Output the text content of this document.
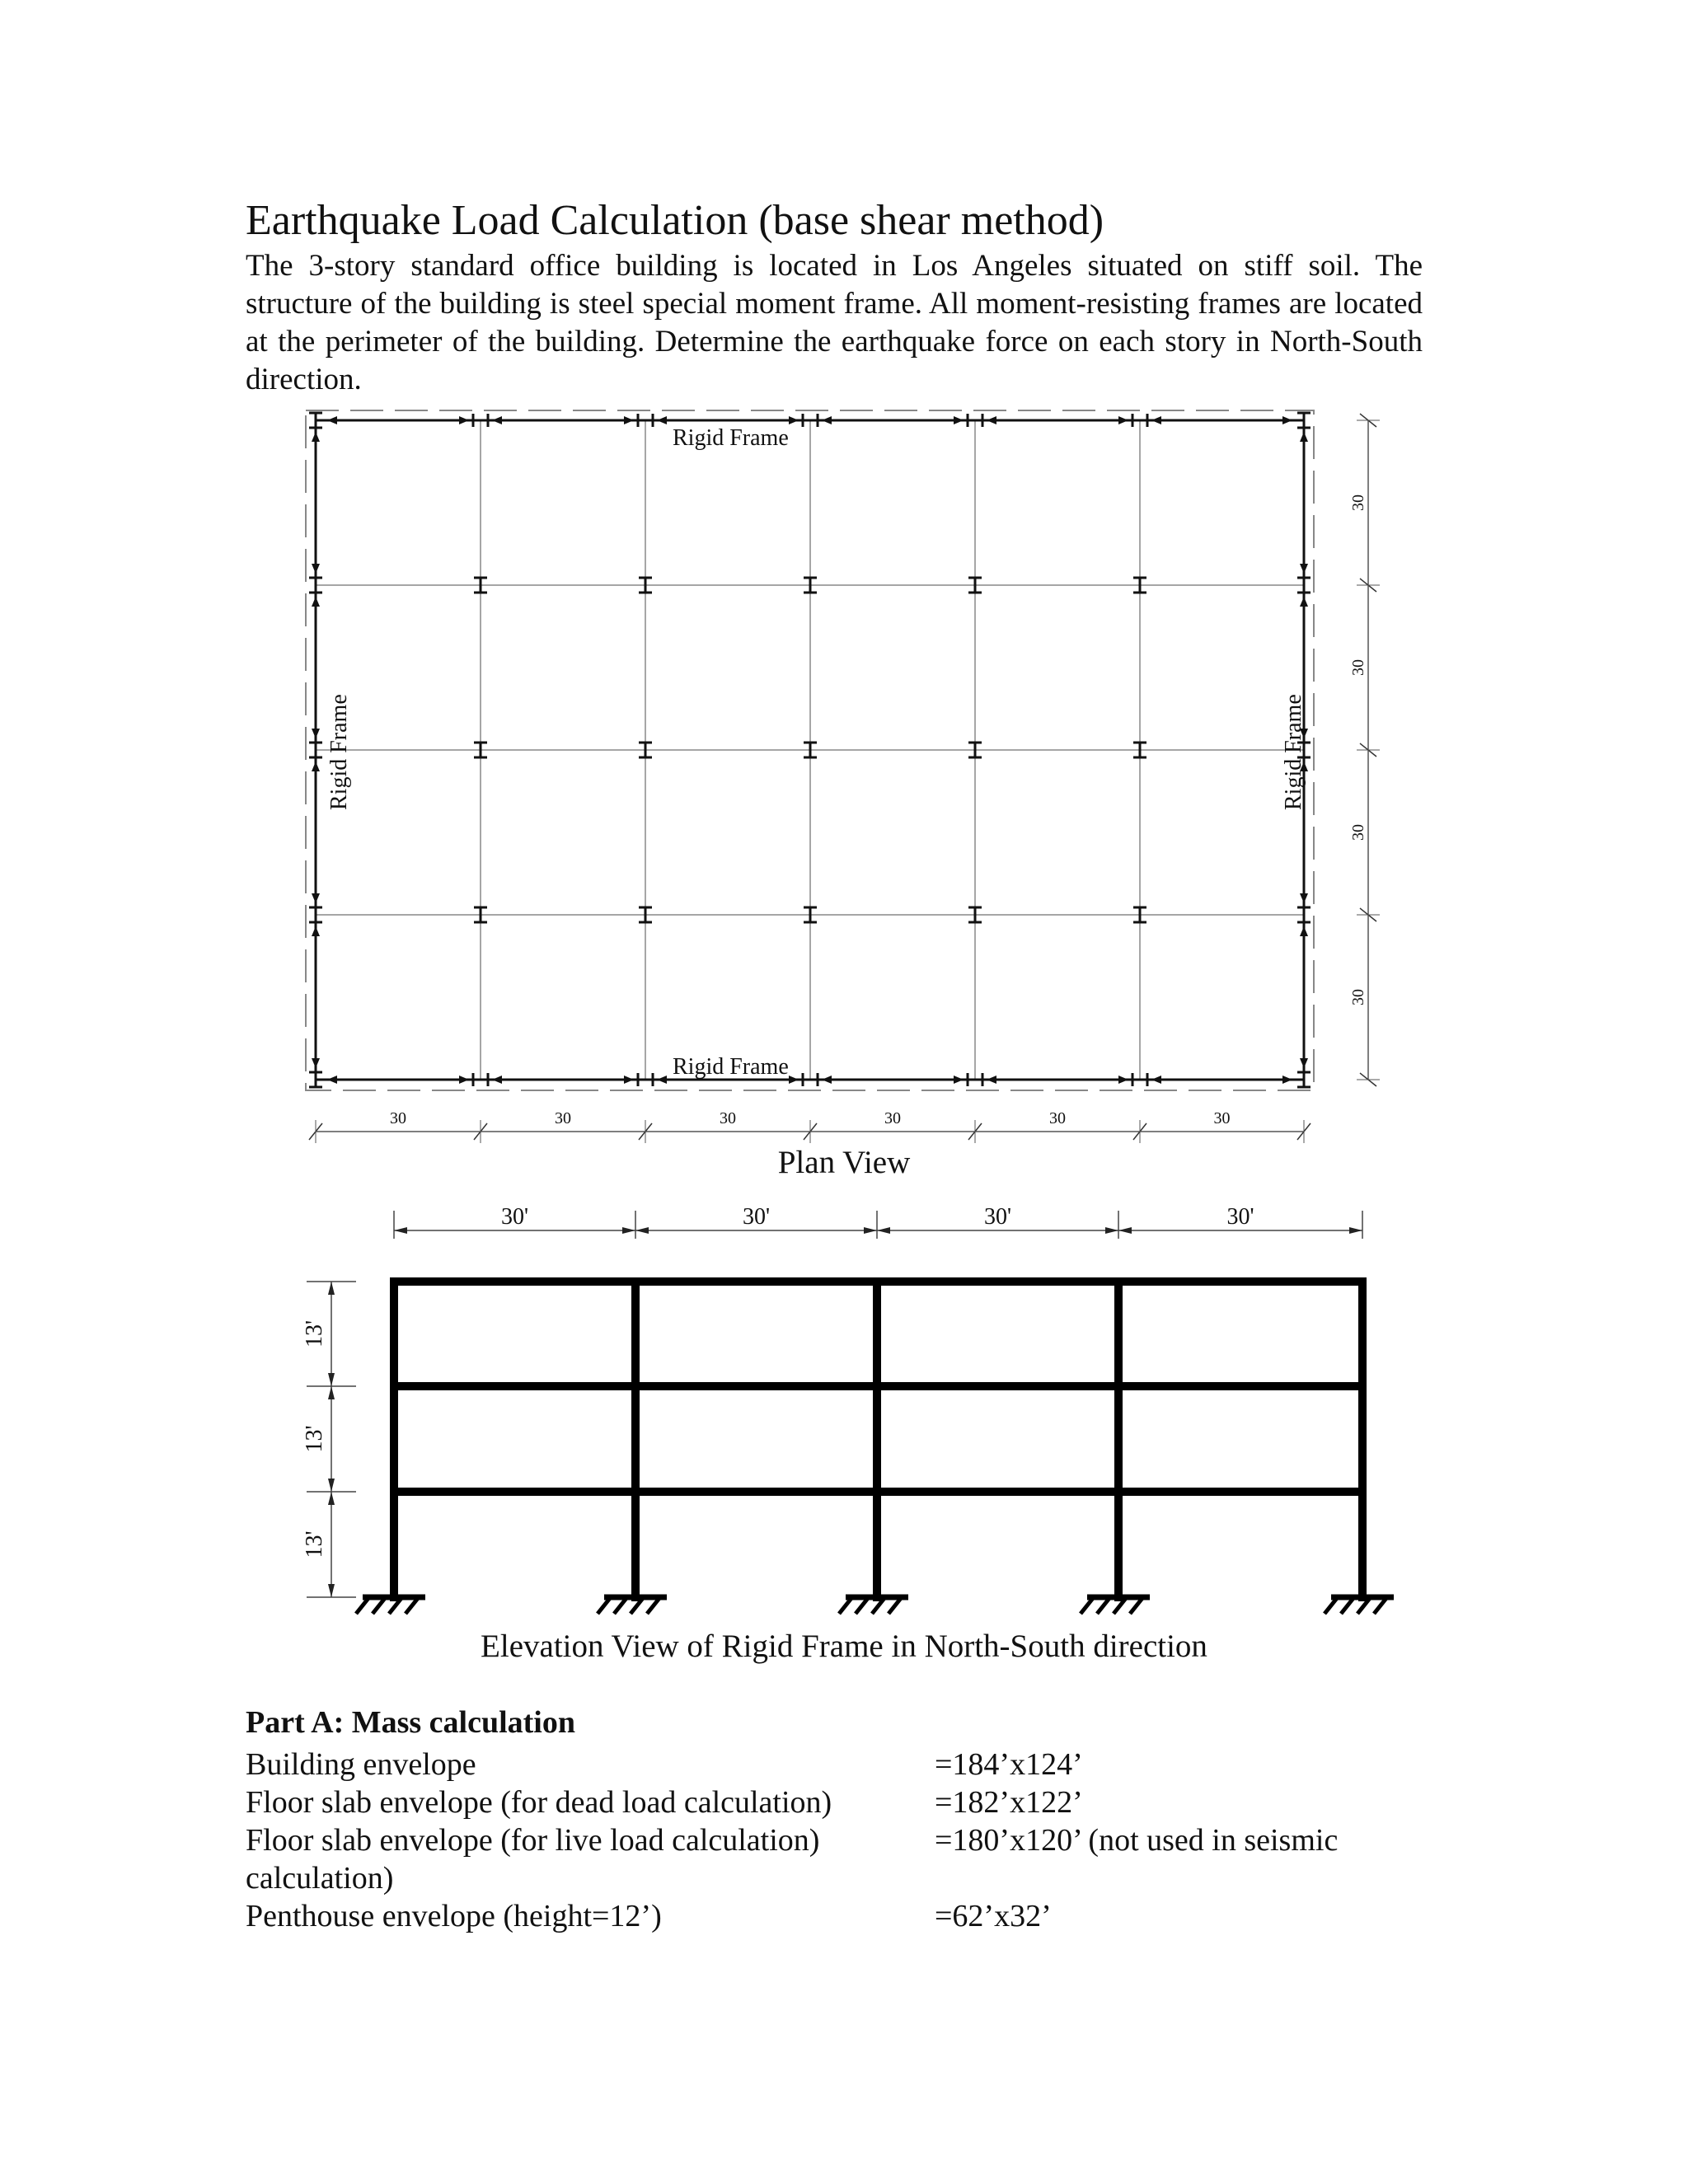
Earthquake Load Calculation (base shear method)
The 3-story standard office building is located in Los Angeles situated on stiff soil. The structure of the building is steel special moment frame. All moment-resisting frames are located at the perimeter of the building. Determine the earthquake force on each story in North-South direction.
Rigid Frame
Rigid Frame
Rigid Frame	Rigid Frame
30	30	30	30	30	30
30
30
30
30
Plan View
30'	30'	30'	30'
13'
13'
13'
Elevation View of Rigid Frame in North-South direction
Part A: Mass calculation
Building envelope	=184’x124’
Floor slab envelope (for dead load calculation)	=182’x122’
Floor slab envelope (for live load calculation)	=180’x120’ (not used in seismic
calculation)
Penthouse envelope (height=12’)	=62’x32’
